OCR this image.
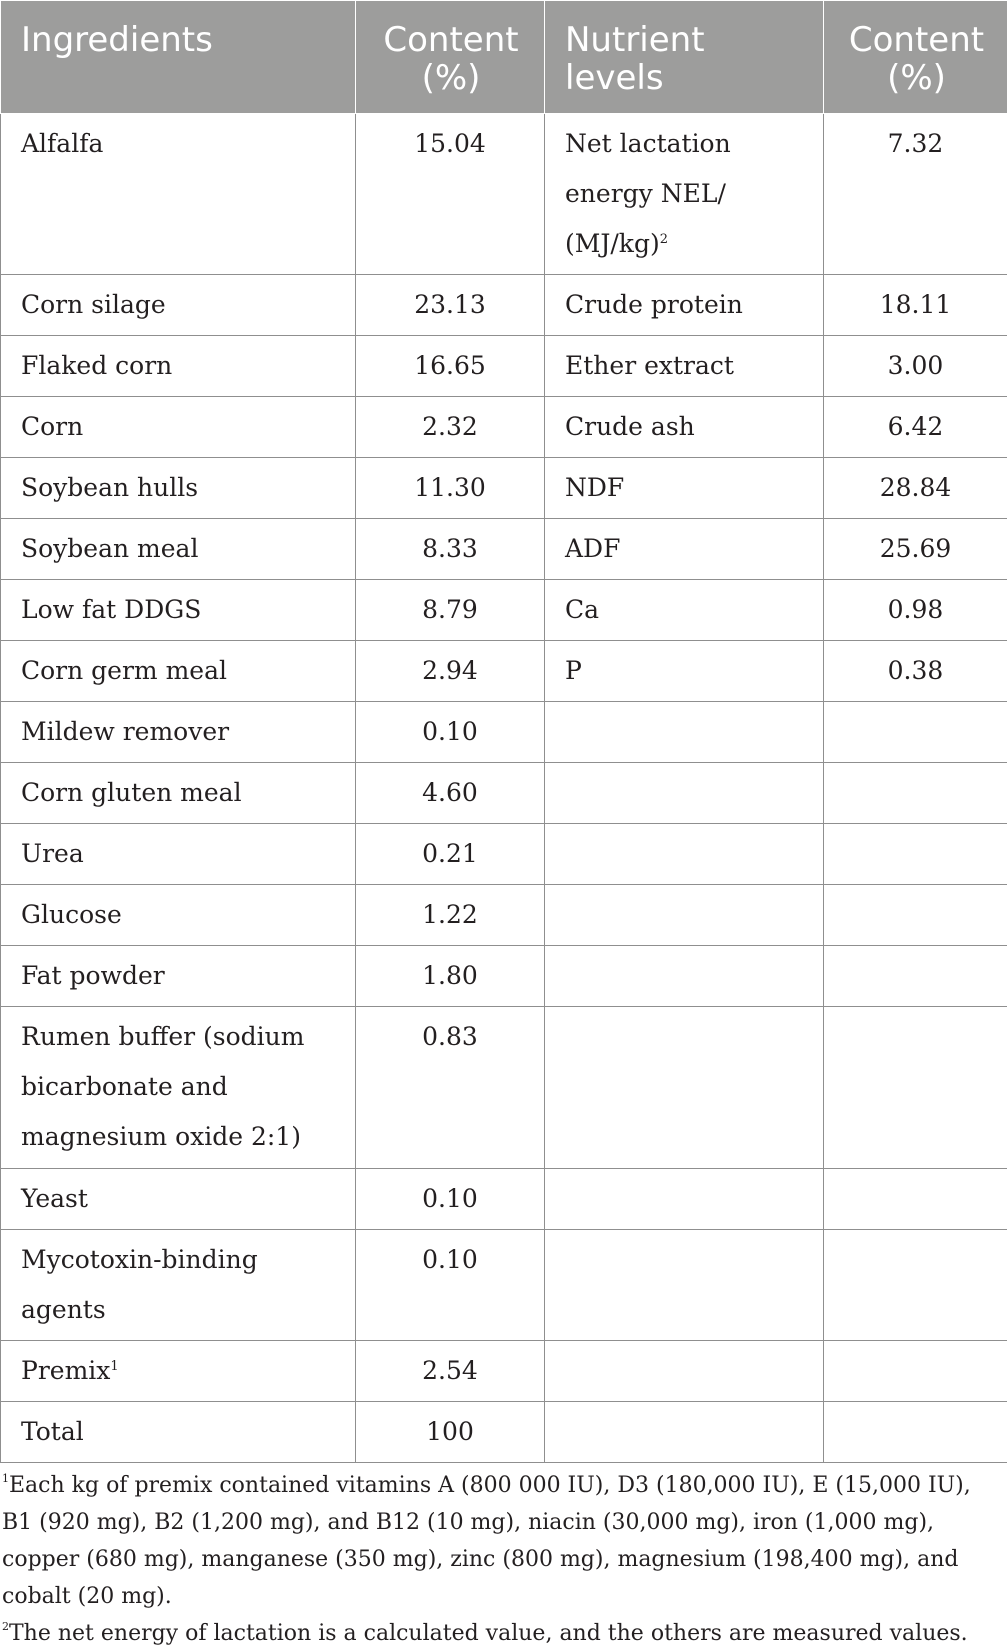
Ingredients	Content (%)	Nutrient levels	Content (%)
Alfalfa	15.04	Net lactation energy NEL/ $(MJ/kg)^2$	7.32
Corn silage	23.13	Crude protein	18.11
Flaked corn	16.65	Ether extract	3.00
Corn	2.32	Crude ash	6.42
Soybean hulls	11.30	NDF	28.84
Soybean meal	8.33	ADF	25.69
Low fat DDGS	8.79	Ca	0.98
Corn germ meal	2.94	P	0.38
Mildew remover	0.10		
Corn gluten meal	4.60		
Urea	0.21		
Glucose	1.22		
Fat powder	1.80		
Rumen buffer (sodium bicarbonate and magnesium oxide 2:1)	0.83		
Yeast	0.10		
Mycotoxin-binding agents	0.10		
Premix$^1$	2.54		
Total	100		

$^1$Each kg of premix contained vitamins A (800 000 IU), D3 (180,000 IU), E (15,000 IU), B1 (920 mg), B2 (1,200 mg), and B12 (10 mg), niacin (30,000 mg), iron (1,000 mg), copper (680 mg), manganese (350 mg), zinc (800 mg), magnesium (198,400 mg), and cobalt (20 mg).

$^2$The net energy of lactation is a calculated value, and the others are measured values.
